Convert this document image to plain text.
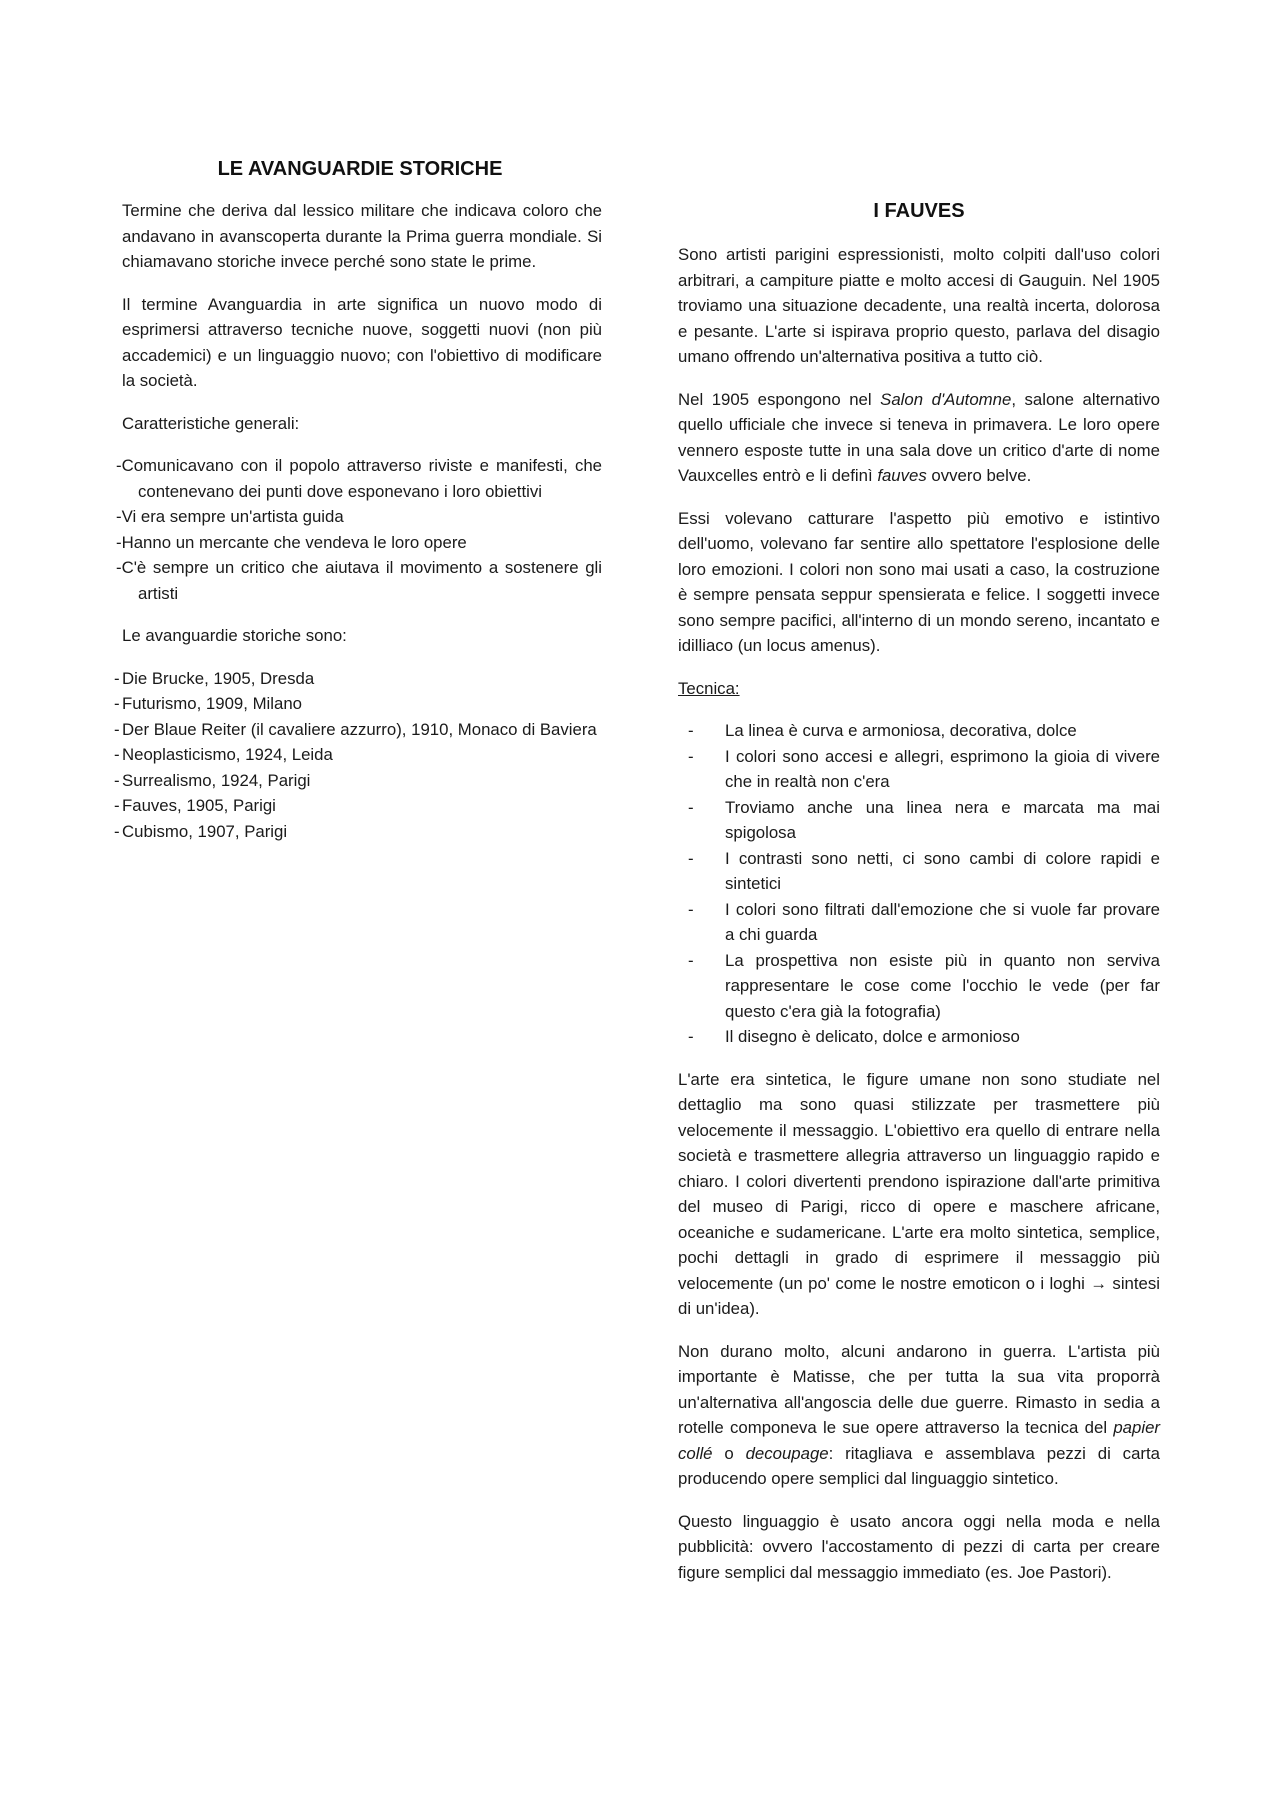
LE AVANGUARDIE STORICHE

Termine che deriva dal lessico militare che indicava coloro che andavano in avanscoperta durante la Prima guerra mondiale. Si chiamavano storiche invece perché sono state le prime.

Il termine Avanguardia in arte significa un nuovo modo di esprimersi attraverso tecniche nuove, soggetti nuovi (non più accademici) e un linguaggio nuovo; con l'obiettivo di modificare la società.

Caratteristiche generali:

-Comunicavano con il popolo attraverso riviste e manifesti, che contenevano dei punti dove esponevano i loro obiettivi
-Vi era sempre un'artista guida
-Hanno un mercante che vendeva le loro opere
-C'è sempre un critico che aiutava il movimento a sostenere gli artisti

Le avanguardie storiche sono:

- Die Brucke, 1905, Dresda
- Futurismo, 1909, Milano
- Der Blaue Reiter (il cavaliere azzurro), 1910, Monaco di Baviera
- Neoplasticismo, 1924, Leida
- Surrealismo, 1924, Parigi
- Fauves, 1905, Parigi
- Cubismo, 1907, Parigi
I FAUVES

Sono artisti parigini espressionisti, molto colpiti dall'uso colori arbitrari, a campiture piatte e molto accesi di Gauguin. Nel 1905 troviamo una situazione decadente, una realtà incerta, dolorosa e pesante. L'arte si ispirava proprio questo, parlava del disagio umano offrendo un'alternativa positiva a tutto ciò.

Nel 1905 espongono nel Salon d'Automne, salone alternativo quello ufficiale che invece si teneva in primavera. Le loro opere vennero esposte tutte in una sala dove un critico d'arte di nome Vauxcelles entrò e li definì fauves ovvero belve.

Essi volevano catturare l'aspetto più emotivo e istintivo dell'uomo, volevano far sentire allo spettatore l'esplosione delle loro emozioni. I colori non sono mai usati a caso, la costruzione è sempre pensata seppur spensierata e felice. I soggetti invece sono sempre pacifici, all'interno di un mondo sereno, incantato e idilliaco (un locus amenus).

Tecnica:

- La linea è curva e armoniosa, decorativa, dolce
- I colori sono accesi e allegri, esprimono la gioia di vivere che in realtà non c'era
- Troviamo anche una linea nera e marcata ma mai spigolosa
- I contrasti sono netti, ci sono cambi di colore rapidi e sintetici
- I colori sono filtrati dall'emozione che si vuole far provare a chi guarda
- La prospettiva non esiste più in quanto non serviva rappresentare le cose come l'occhio le vede (per far questo c'era già la fotografia)
- Il disegno è delicato, dolce e armonioso

L'arte era sintetica, le figure umane non sono studiate nel dettaglio ma sono quasi stilizzate per trasmettere più velocemente il messaggio. L'obiettivo era quello di entrare nella società e trasmettere allegria attraverso un linguaggio rapido e chiaro. I colori divertenti prendono ispirazione dall'arte primitiva del museo di Parigi, ricco di opere e maschere africane, oceaniche e sudamericane. L'arte era molto sintetica, semplice, pochi dettagli in grado di esprimere il messaggio più velocemente (un po' come le nostre emoticon o i loghi → sintesi di un'idea).

Non durano molto, alcuni andarono in guerra. L'artista più importante è Matisse, che per tutta la sua vita proporrà un'alternativa all'angoscia delle due guerre. Rimasto in sedia a rotelle componeva le sue opere attraverso la tecnica del papier collé o decoupage: ritagliava e assemblava pezzi di carta producendo opere semplici dal linguaggio sintetico.

Questo linguaggio è usato ancora oggi nella moda e nella pubblicità: ovvero l'accostamento di pezzi di carta per creare figure semplici dal messaggio immediato (es. Joe Pastori).
